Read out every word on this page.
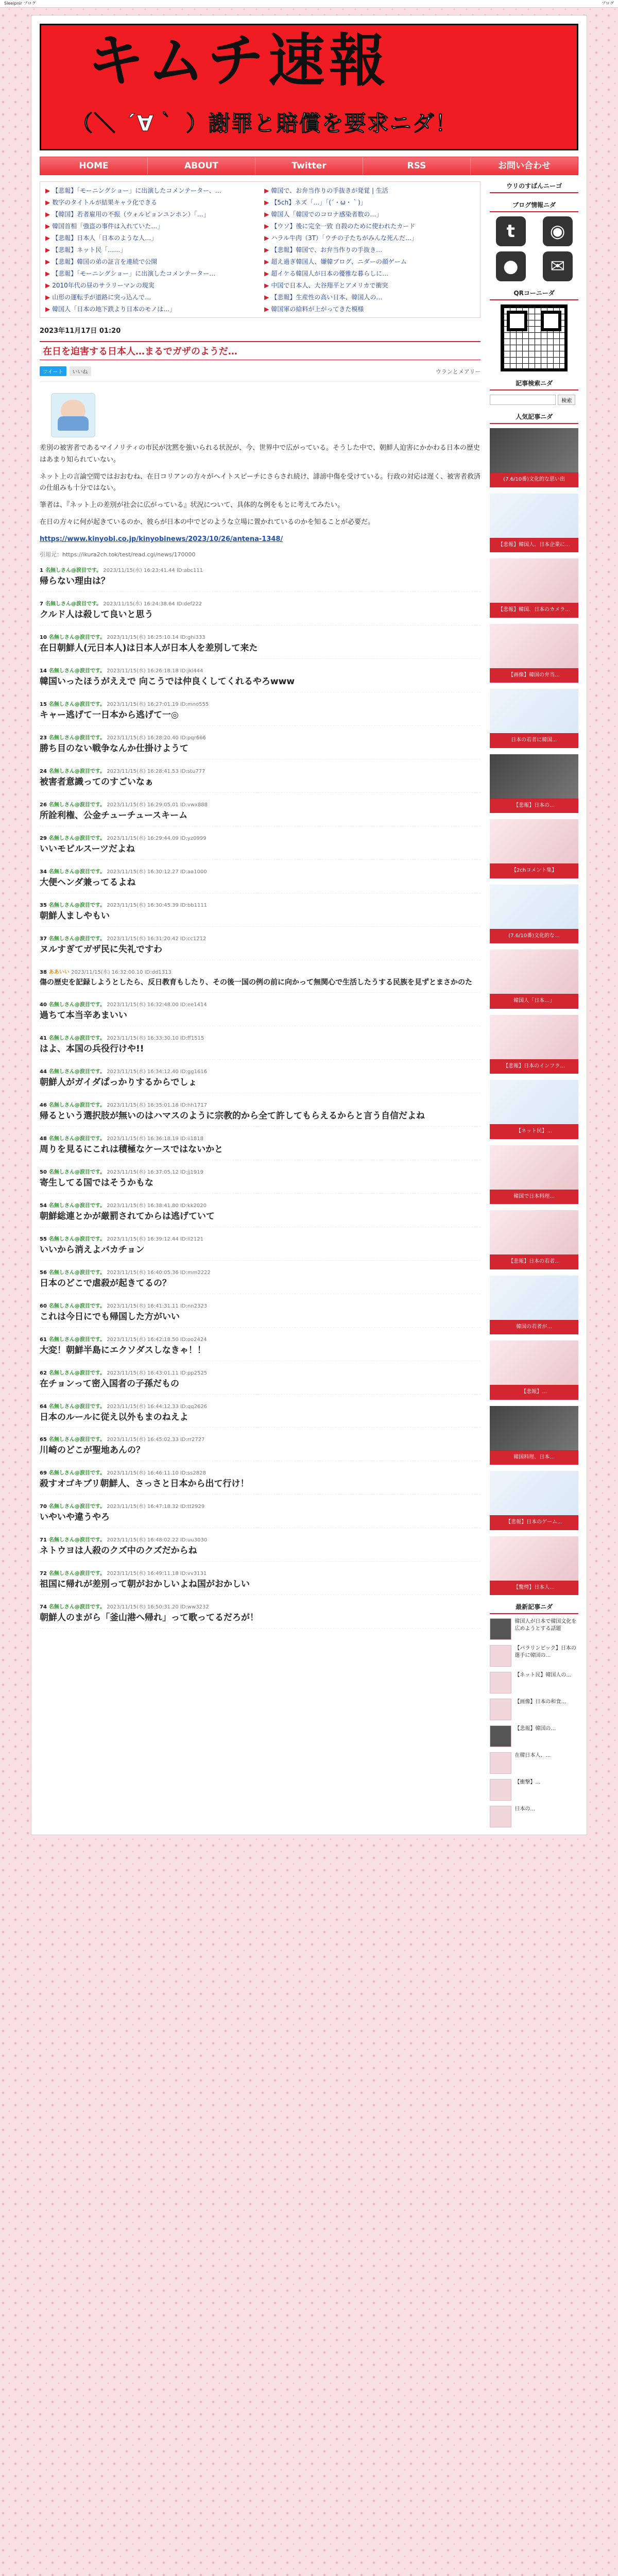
Sleeipnir ブログ	ブログ
キムチ速報
（＼ ´∀｀ ）謝罪と賠償を要求ニダ！
HOME	ABOUT	Twitter	RSS	お問い合わせ
▶ 【悲報】「モーニングショー」に出演したコメンテーター、…	▶ 韓国で、お弁当作りの手抜きが発覚 | 生活
▶ 数字のタイトルが結果キャラ化できる	▶ 【5ch】ネズ「…」「(´・ω・｀)」
▶ 【韓国】若者雇用の不振（ウォルビョンユンホン）「…」	▶ 韓国人「韓国でのコロナ感染者数の…」
▶ 韓国首相「強盗の事件は入れていた…」	▶ 【ウソ】後に完全一致 自殺のために使われたカード
▶ 【悲報】日本人「日本のような人…」	▶ ハラル牛肉（3T）「ウチの子たちがみんな死んだ…」
▶ 【悲報】ネット民「……」	▶ 【悲報】韓国で、お弁当作りの手抜き…
▶ 【悲報】韓国の弟の証言を連続で公開	▶ 超え過ぎ韓国人、嫌韓ブログ、ニダーの顔ゲーム
▶ 【悲報】「モーニングショー」に出演したコメンテーター…	▶ 超イケる韓国人が日本の優雅な暮らしに…
▶ 2010年代の昼のサラリーマンの現実	▶ 中国で日本人、大谷翔平とアメリカで衝突
▶ 山形の運転手が道路に突っ込んで…	▶ 【悲報】生産性の高い日本、韓国人の…
▶ 韓国人「日本の地下鉄より日本のモノは…」	▶ 韓国軍の給料が上がってきた模様
2023年11月17日 01:20
在日を迫害する日本人…まるでガザのようだ…
ツイート	いいね	ウランとメアリー

差別の被害者であるマイノリティの市民が沈黙を強いられる状況が、今、世界中で広がっている。そうした中で、朝鮮人迫害にかかわる日本の歴史はあまり知られていない。

ネット上の言論空間ではおおむね、在日コリアンの方々がヘイトスピーチにさらされ続け、誹謗中傷を受けている。行政の対応は遅く、被害者救済の仕組みも十分ではない。

筆者は、『ネット上の差別が社会に広がっている』状況について、具体的な例をもとに考えてみたい。

在日の方々に何が起きているのか、彼らが日本の中でどのような立場に置かれているのかを知ることが必要だ。

https://www.kinyobi.co.jp/kinyobinews/2023/10/26/antena-1348/

引用元：https://ikura2ch.tok/test/read.cgi/news/170000
1 名無しさん@涙目です。 2023/11/15(水) 16:23:41.44 ID:abc111
帰らない理由は？
7 名無しさん@涙目です。 2023/11/15(水) 16:24:38.64 ID:def222
クルド人は殺して良いと思う
10 名無しさん@涙目です。 2023/11/15(水) 16:25:10.14 ID:ghi333
在日朝鮮人(元日本人)は日本人が日本人を差別して来た
14 名無しさん@涙目です。 2023/11/15(水) 16:26:18.18 ID:jkl444
韓国いったほうがええで 向こうでは仲良くしてくれるやろwww
15 名無しさん@涙目です。 2023/11/15(水) 16:27:01.19 ID:mno555
キャー逃げて一日本から逃げて一◎
23 名無しさん@涙目です。 2023/11/15(水) 16:28:20.40 ID:pqr666
勝ち目のない戦争なんか仕掛けようて
24 名無しさん@涙目です。 2023/11/15(水) 16:28:41.53 ID:stu777
被害者意識ってのすごいなぁ
26 名無しさん@涙目です。 2023/11/15(水) 16:29:05.01 ID:vwx888
所詮利権、公金チューチュースキーム
29 名無しさん@涙目です。 2023/11/15(水) 16:29:44.09 ID:yz0999
いいモビルスーツだよね
34 名無しさん@涙目です。 2023/11/15(水) 16:30:12.27 ID:aa1000
大便ヘンダ兼ってるよね
35 名無しさん@涙目です。 2023/11/15(水) 16:30:45.39 ID:bb1111
朝鮮人ましやもい
37 名無しさん@涙目です。 2023/11/15(水) 16:31:20.42 ID:cc1212
ヌルすぎてガザ民に失礼ですわ
38 ああいい 2023/11/15(水) 16:32:00.10 ID:dd1313
傷の歴史を記録しようとしたら、反日教育もしたり、その後一国の例の前に向かって無関心で生活したうする民族を見ずとまさかのた
40 名無しさん@涙目です。 2023/11/15(水) 16:32:48.00 ID:ee1414
過ちて本当辛あまいい
41 名無しさん@涙目です。 2023/11/15(水) 16:33:30.10 ID:ff1515
はよ、本国の兵役行けや!!
44 名無しさん@涙目です。 2023/11/15(水) 16:34:12.40 ID:gg1616
朝鮮人がガイダぱっかりするからでしょ
46 名無しさん@涙目です。 2023/11/15(水) 16:35:01.18 ID:hh1717
帰るという選択肢が無いのはハマスのように宗教的から全て許してもらえるからと言う自信だよね
48 名無しさん@涙目です。 2023/11/15(水) 16:36:18.19 ID:ii1818
周りを見るにこれは積極なケースではないかと
50 名無しさん@涙目です。 2023/11/15(水) 16:37:05.12 ID:jj1919
寄生してる国ではそうかもな
54 名無しさん@涙目です。 2023/11/15(水) 16:38:41.80 ID:kk2020
朝鮮総連とかが厳罰されてからは逃げていて
55 名無しさん@涙目です。 2023/11/15(水) 16:39:12.44 ID:ll2121
いいから消えよバカチョン
56 名無しさん@涙目です。 2023/11/15(水) 16:40:05.36 ID:mm2222
日本のどこで虐殺が起きてるの？
60 名無しさん@涙目です。 2023/11/15(水) 16:41:31.11 ID:nn2323
これは今日にでも帰国した方がいい
61 名無しさん@涙目です。 2023/11/15(水) 16:42:18.50 ID:oo2424
大変！朝鮮半島にエクソダスしなきゃ！！
62 名無しさん@涙目です。 2023/11/15(水) 16:43:01.11 ID:pp2525
在チョンって密入国者の子孫だもの
64 名無しさん@涙目です。 2023/11/15(水) 16:44:12.33 ID:qq2626
日本のルールに従え以外もまのねえよ
65 名無しさん@涙目です。 2023/11/15(水) 16:45:02.33 ID:rr2727
川崎のどこが聖地あんの？
69 名無しさん@涙目です。 2023/11/15(水) 16:46:11.10 ID:ss2828
殺すオゴキブリ朝鮮人、さっさと日本から出て行け！
70 名無しさん@涙目です。 2023/11/15(水) 16:47:18.32 ID:tt2929
いやいや違うやろ
71 名無しさん@涙目です。 2023/11/15(水) 16:48:02.22 ID:uu3030
ネトウヨは人殺のクズ中のクズだからね
72 名無しさん@涙目です。 2023/11/15(水) 16:49:11.18 ID:vv3131
祖国に帰れが差別って朝がおかしいよね国がおかしい
74 名無しさん@涙目です。 2023/11/15(水) 16:50:31.20 ID:ww3232
朝鮮人のまがら「釜山港へ帰れ」って歌ってるだろが！
ウリのすばんニーゴ
ブログ情報ニダ
t	◉
●	✉
QRコーニーダ
記事検索ニダ
検索
人気記事ニダ
(7.6/10番)文化的な思い出
【悲報】韓国人、日本企業に…
【悲報】韓国、日本のカメラ…
【画像】韓国の弁当…
日本の若者に韓国…
【悲報】日本の…
【2chコメント集】
(7.6/10番)文化的な…
韓国人「日本…」
【悲報】日本のインフラ…
【ネット民】…
韓国で日本料理…
【悲報】日本の若者…
韓国の若者が…
【悲報】…
韓国料理、日本…
【悲報】日本のゲーム…
【驚愕】日本人…
最新記事ニダ
韓国人が日本で韓国文化を広めようとする話題
【パラリンピック】日本の選手に韓国の…
【ネット民】韓国人の…
【画像】日本の和食…
【悲報】韓国の…
在韓日本人、…
【衝撃】…
日本の…
